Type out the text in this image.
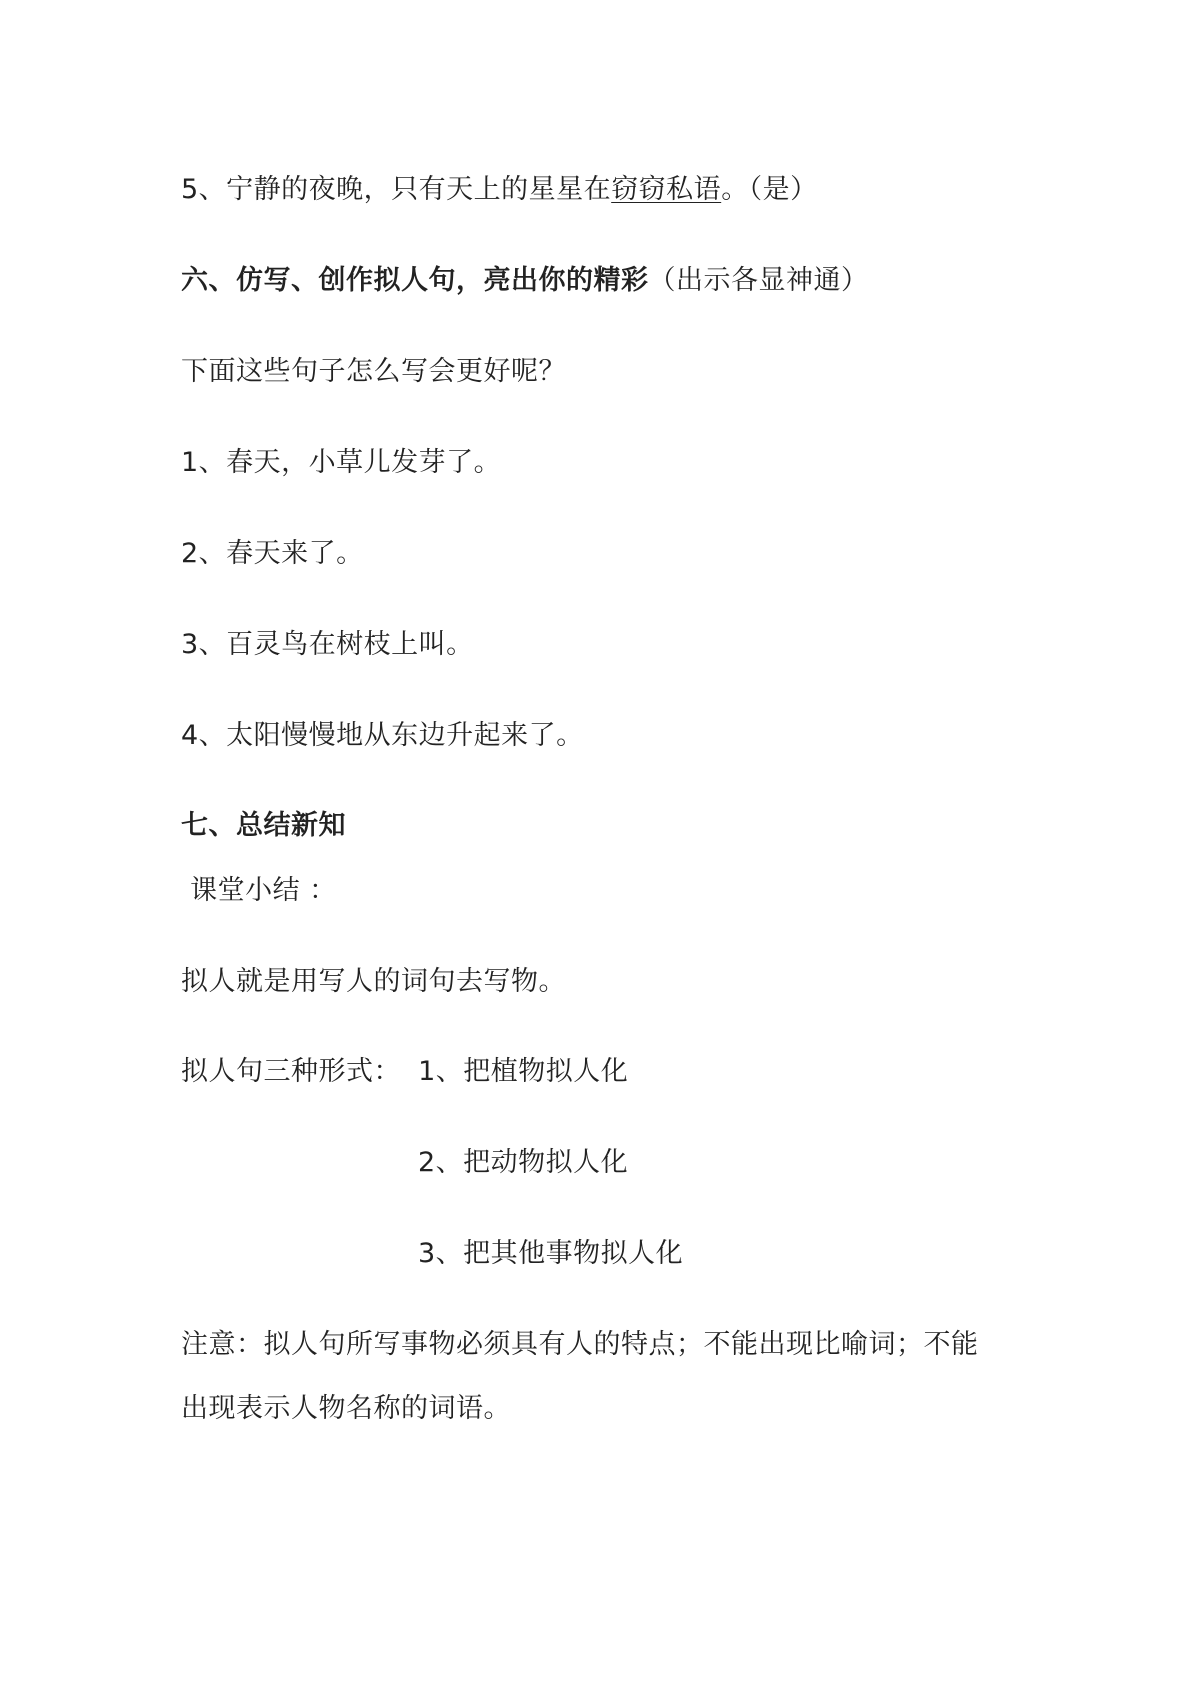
5、宁静的夜晚，只有天上的星星在窃窃私语。（是）
六、仿写、创作拟人句，亮出你的精彩（出示各显神通）
下面这些句子怎么写会更好呢？
1、春天，小草儿发芽了。
2、春天来了。
3、百灵鸟在树枝上叫。
4、太阳慢慢地从东边升起来了。
七、总结新知
课堂小结 ：
拟人就是用写人的词句去写物。
拟人句三种形式： 1、把植物拟人化
2、把动物拟人化
3、把其他事物拟人化
注意：拟人句所写事物必须具有人的特点；不能出现比喻词；不能
出现表示人物名称的词语。
